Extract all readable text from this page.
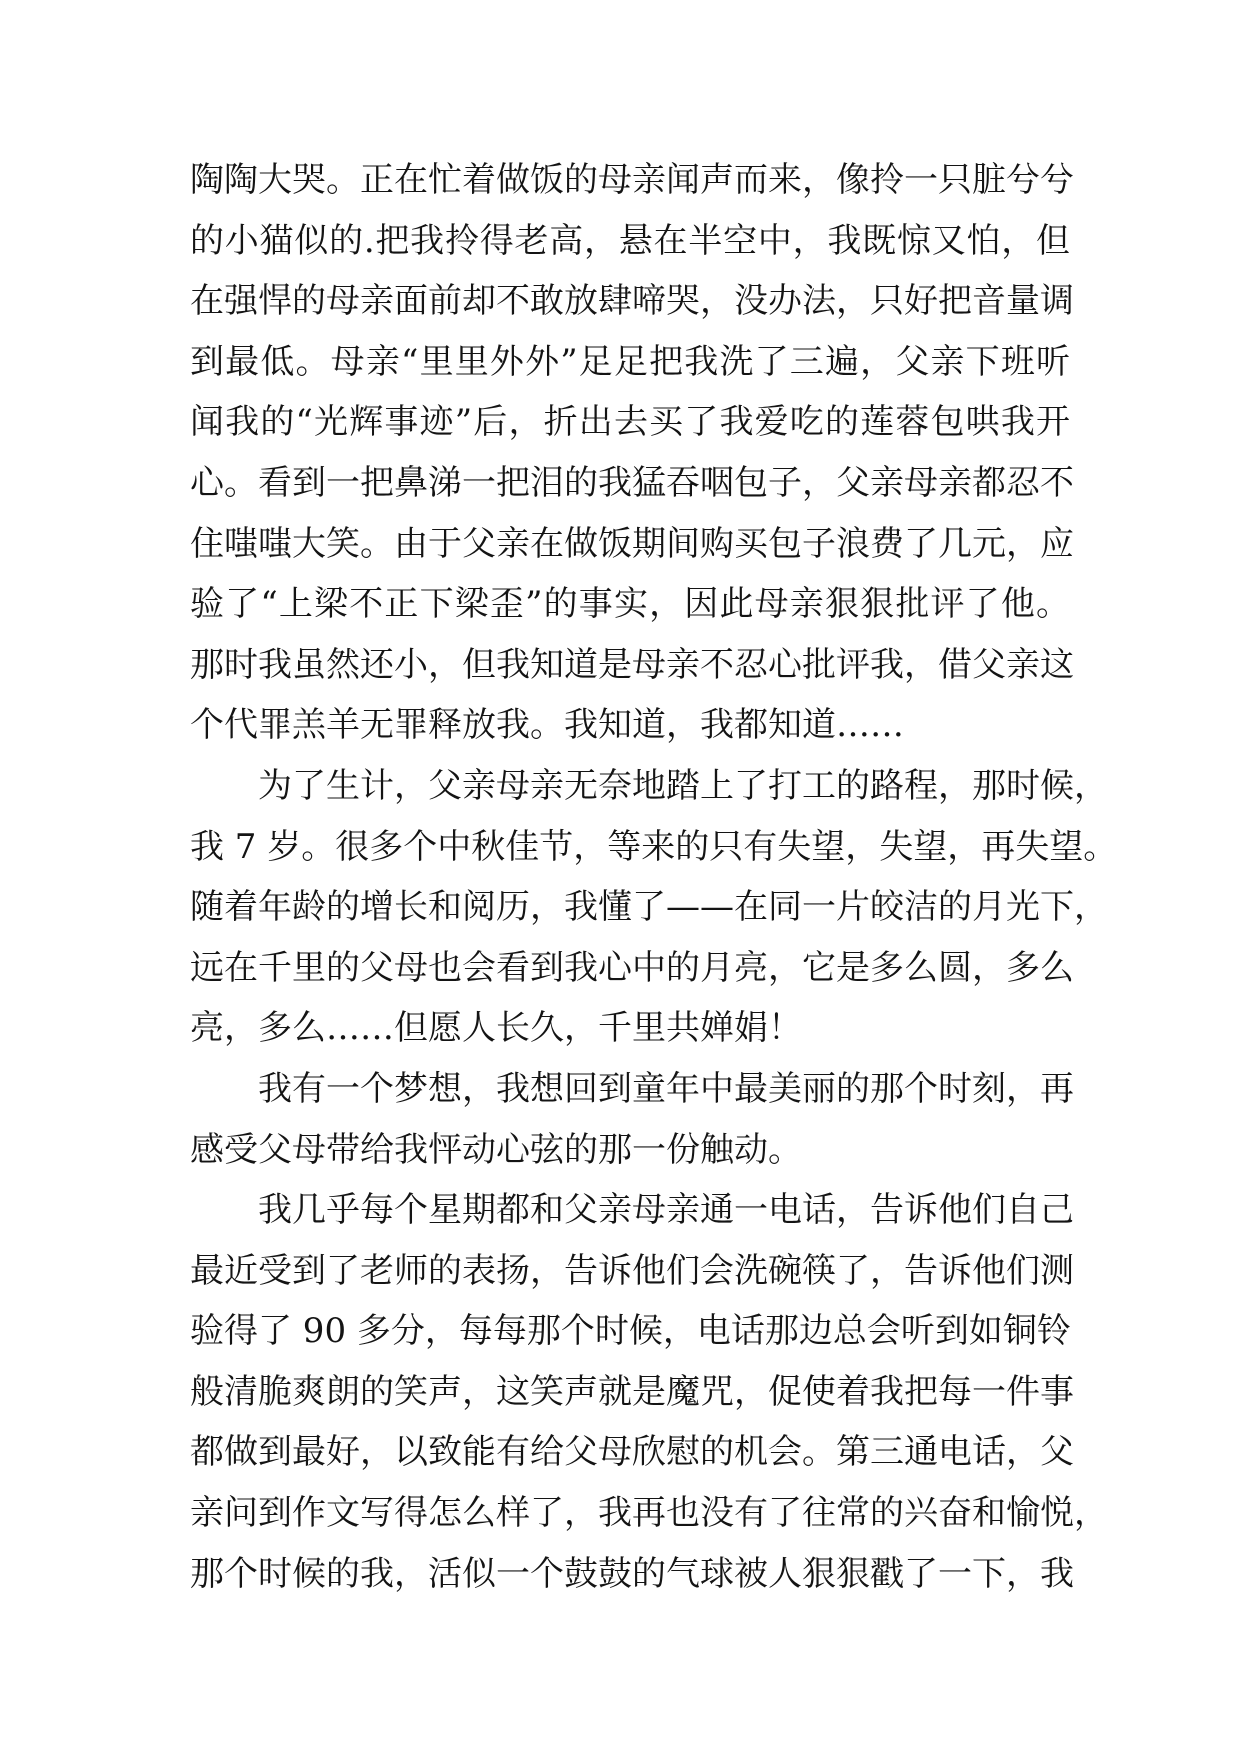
陶陶大哭。正在忙着做饭的母亲闻声而来，像拎一只脏兮兮
的小猫似的.把我拎得老高，悬在半空中，我既惊又怕，但
在强悍的母亲面前却不敢放肆啼哭，没办法，只好把音量调
到最低。母亲“里里外外”足足把我洗了三遍，父亲下班听
闻我的“光辉事迹”后，折出去买了我爱吃的莲蓉包哄我开
心。看到一把鼻涕一把泪的我猛吞咽包子，父亲母亲都忍不
住嗤嗤大笑。由于父亲在做饭期间购买包子浪费了几元，应
验了“上梁不正下梁歪”的事实，因此母亲狠狠批评了他。
那时我虽然还小，但我知道是母亲不忍心批评我，借父亲这
个代罪羔羊无罪释放我。我知道，我都知道……
为了生计，父亲母亲无奈地踏上了打工的路程，那时候，
我 7 岁。很多个中秋佳节，等来的只有失望，失望，再失望。
随着年龄的增长和阅历，我懂了——在同一片皎洁的月光下，
远在千里的父母也会看到我心中的月亮，它是多么圆，多么
亮，多么……但愿人长久，千里共婵娟！
我有一个梦想，我想回到童年中最美丽的那个时刻，再
感受父母带给我怦动心弦的那一份触动。
我几乎每个星期都和父亲母亲通一电话，告诉他们自己
最近受到了老师的表扬，告诉他们会洗碗筷了，告诉他们测
验得了 90 多分，每每那个时候，电话那边总会听到如铜铃
般清脆爽朗的笑声，这笑声就是魔咒，促使着我把每一件事
都做到最好，以致能有给父母欣慰的机会。第三通电话，父
亲问到作文写得怎么样了，我再也没有了往常的兴奋和愉悦，
那个时候的我，活似一个鼓鼓的气球被人狠狠戳了一下，我
